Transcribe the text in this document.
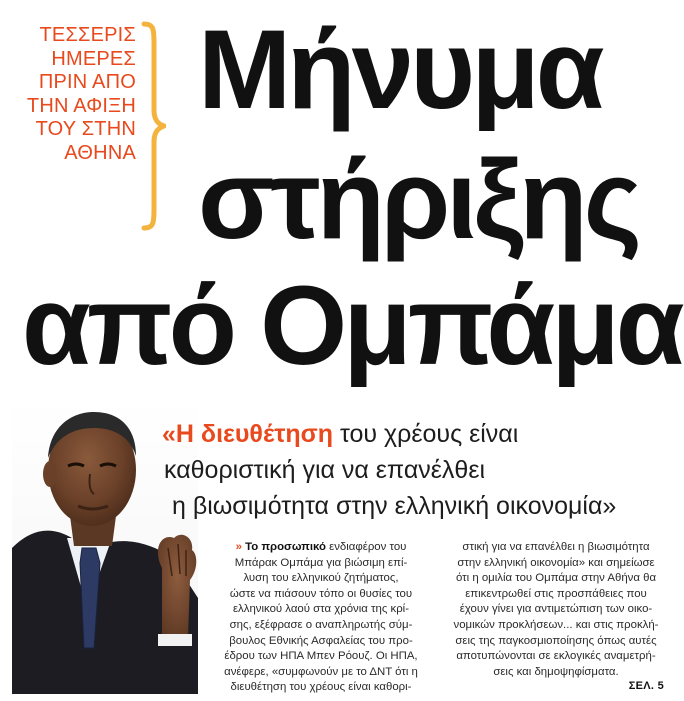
ΤΕΣΣΕΡΙΣ
ΗΜΕΡΕΣ
ΠΡΙΝ ΑΠΟ
ΤΗΝ ΑΦΙΞΗ
ΤΟΥ ΣΤΗΝ
ΑΘΗΝΑ
Μήνυμα
στήριξης
από Ομπάμα
«Η διευθέτηση του χρέους είναι
καθοριστική για να επανέλθει
η βιωσιμότητα στην ελληνική οικονομία»
» Το προσωπικό ενδιαφέρον του
Μπάρακ Ομπάμα για βιώσιμη επί-
λυση του ελληνικού ζητήματος,
ώστε να πιάσουν τόπο οι θυσίες του
ελληνικού λαού στα χρόνια της κρί-
σης, εξέφρασε ο αναπληρωτής σύμ-
βουλος Εθνικής Ασφαλείας του προ-
έδρου των ΗΠΑ Μπεν Ρόουζ. Οι ΗΠΑ,
ανέφερε, «συμφωνούν με το ΔΝΤ ότι η
διευθέτηση του χρέους είναι καθορι-
στική για να επανέλθει η βιωσιμότητα
στην ελληνική οικονομία» και σημείωσε
ότι η ομιλία του Ομπάμα στην Αθήνα θα
επικεντρωθεί στις προσπάθειες που
έχουν γίνει για αντιμετώπιση των οικο-
νομικών προκλήσεων... και στις προκλή-
σεις της παγκοσμιοποίησης όπως αυτές
αποτυπώνονται σε εκλογικές αναμετρή-
σεις και δημοψηφίσματα.
ΣΕΛ. 5
